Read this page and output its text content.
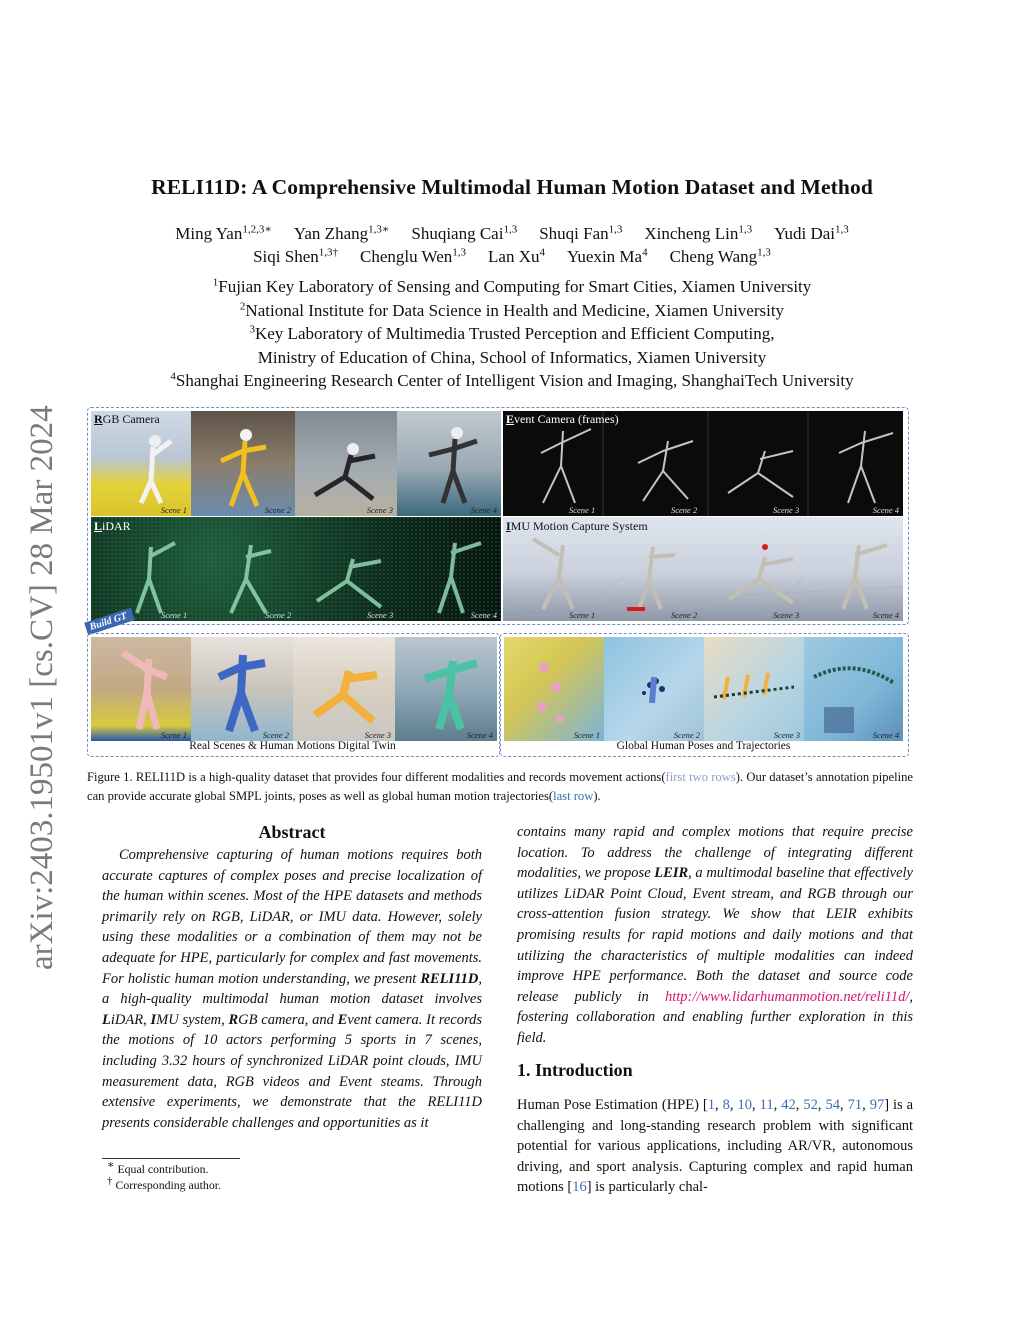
arXiv:2403.19501v1 [cs.CV] 28 Mar 2024
RELI11D: A Comprehensive Multimodal Human Motion Dataset and Method
Ming Yan$^{1,2,3∗}$ Yan Zhang$^{1,3∗}$ Shuqiang Cai$^{1,3}$ Shuqi Fan$^{1,3}$ Xincheng Lin$^{1,3}$ Yudi Dai$^{1,3}$
Siqi Shen$^{1,3\dagger}$ Chenglu Wen$^{1,3}$ Lan Xu$^4$ Yuexin Ma$^4$ Cheng Wang$^{1,3}$
$^1$Fujian Key Laboratory of Sensing and Computing for Smart Cities, Xiamen University
$^2$National Institute for Data Science in Health and Medicine, Xiamen University
$^3$Key Laboratory of Multimedia Trusted Perception and Efficient Computing,
Ministry of Education of China, School of Informatics, Xiamen University
$^4$Shanghai Engineering Research Center of Intelligent Vision and Imaging, ShanghaiTech University
Scene 1	Scene 2	Scene 3	Scene 4
RGB Camera
Scene 1	Scene 2	Scene 3	Scene 4
Event Camera (frames)
Scene 1	Scene 2	Scene 3	Scene 4
LiDAR
Scene 1	Scene 2	Scene 3	Scene 4
IMU Motion Capture System
Build GT
Scene 1	Scene 2	Scene 3	Scene 4	Scene 1	Scene 2	Scene 3	Scene 4
Real Scenes & Human Motions Digital Twin	Global Human Poses and Trajectories
Figure 1. RELI11D is a high-quality dataset that provides four different modalities and records movement actions(first two rows). Our dataset’s annotation pipeline can provide accurate global SMPL joints, poses as well as global human motion trajectories(last row).
Abstract
Comprehensive capturing of human motions requires both accurate captures of complex poses and precise localization of the human within scenes. Most of the HPE datasets and methods primarily rely on RGB, LiDAR, or IMU data. However, solely using these modalities or a combination of them may not be adequate for HPE, particularly for complex and fast movements. For holistic human motion understanding, we present RELI11D, a high-quality multimodal human motion dataset involves LiDAR, IMU system, RGB camera, and Event camera. It records the motions of 10 actors performing 5 sports in 7 scenes, including 3.32 hours of synchronized LiDAR point clouds, IMU measurement data, RGB videos and Event steams. Through extensive experiments, we demonstrate that the RELI11D presents considerable challenges and opportunities as it
∗ Equal contribution.
† Corresponding author.
contains many rapid and complex motions that require precise location. To address the challenge of integrating different modalities, we propose LEIR, a multimodal baseline that effectively utilizes LiDAR Point Cloud, Event stream, and RGB through our cross-attention fusion strategy. We show that LEIR exhibits promising results for rapid motions and daily motions and that utilizing the characteristics of multiple modalities can indeed improve HPE performance. Both the dataset and source code release publicly in http://www.lidarhumanmotion.net/reli11d/, fostering collaboration and enabling further exploration in this field.
1. Introduction
Human Pose Estimation (HPE) [1, 8, 10, 11, 42, 52, 54, 71, 97] is a challenging and long-standing research problem with significant potential for various applications, including AR/VR, autonomous driving, and sport analysis. Capturing complex and rapid human motions [16] is particularly chal-
